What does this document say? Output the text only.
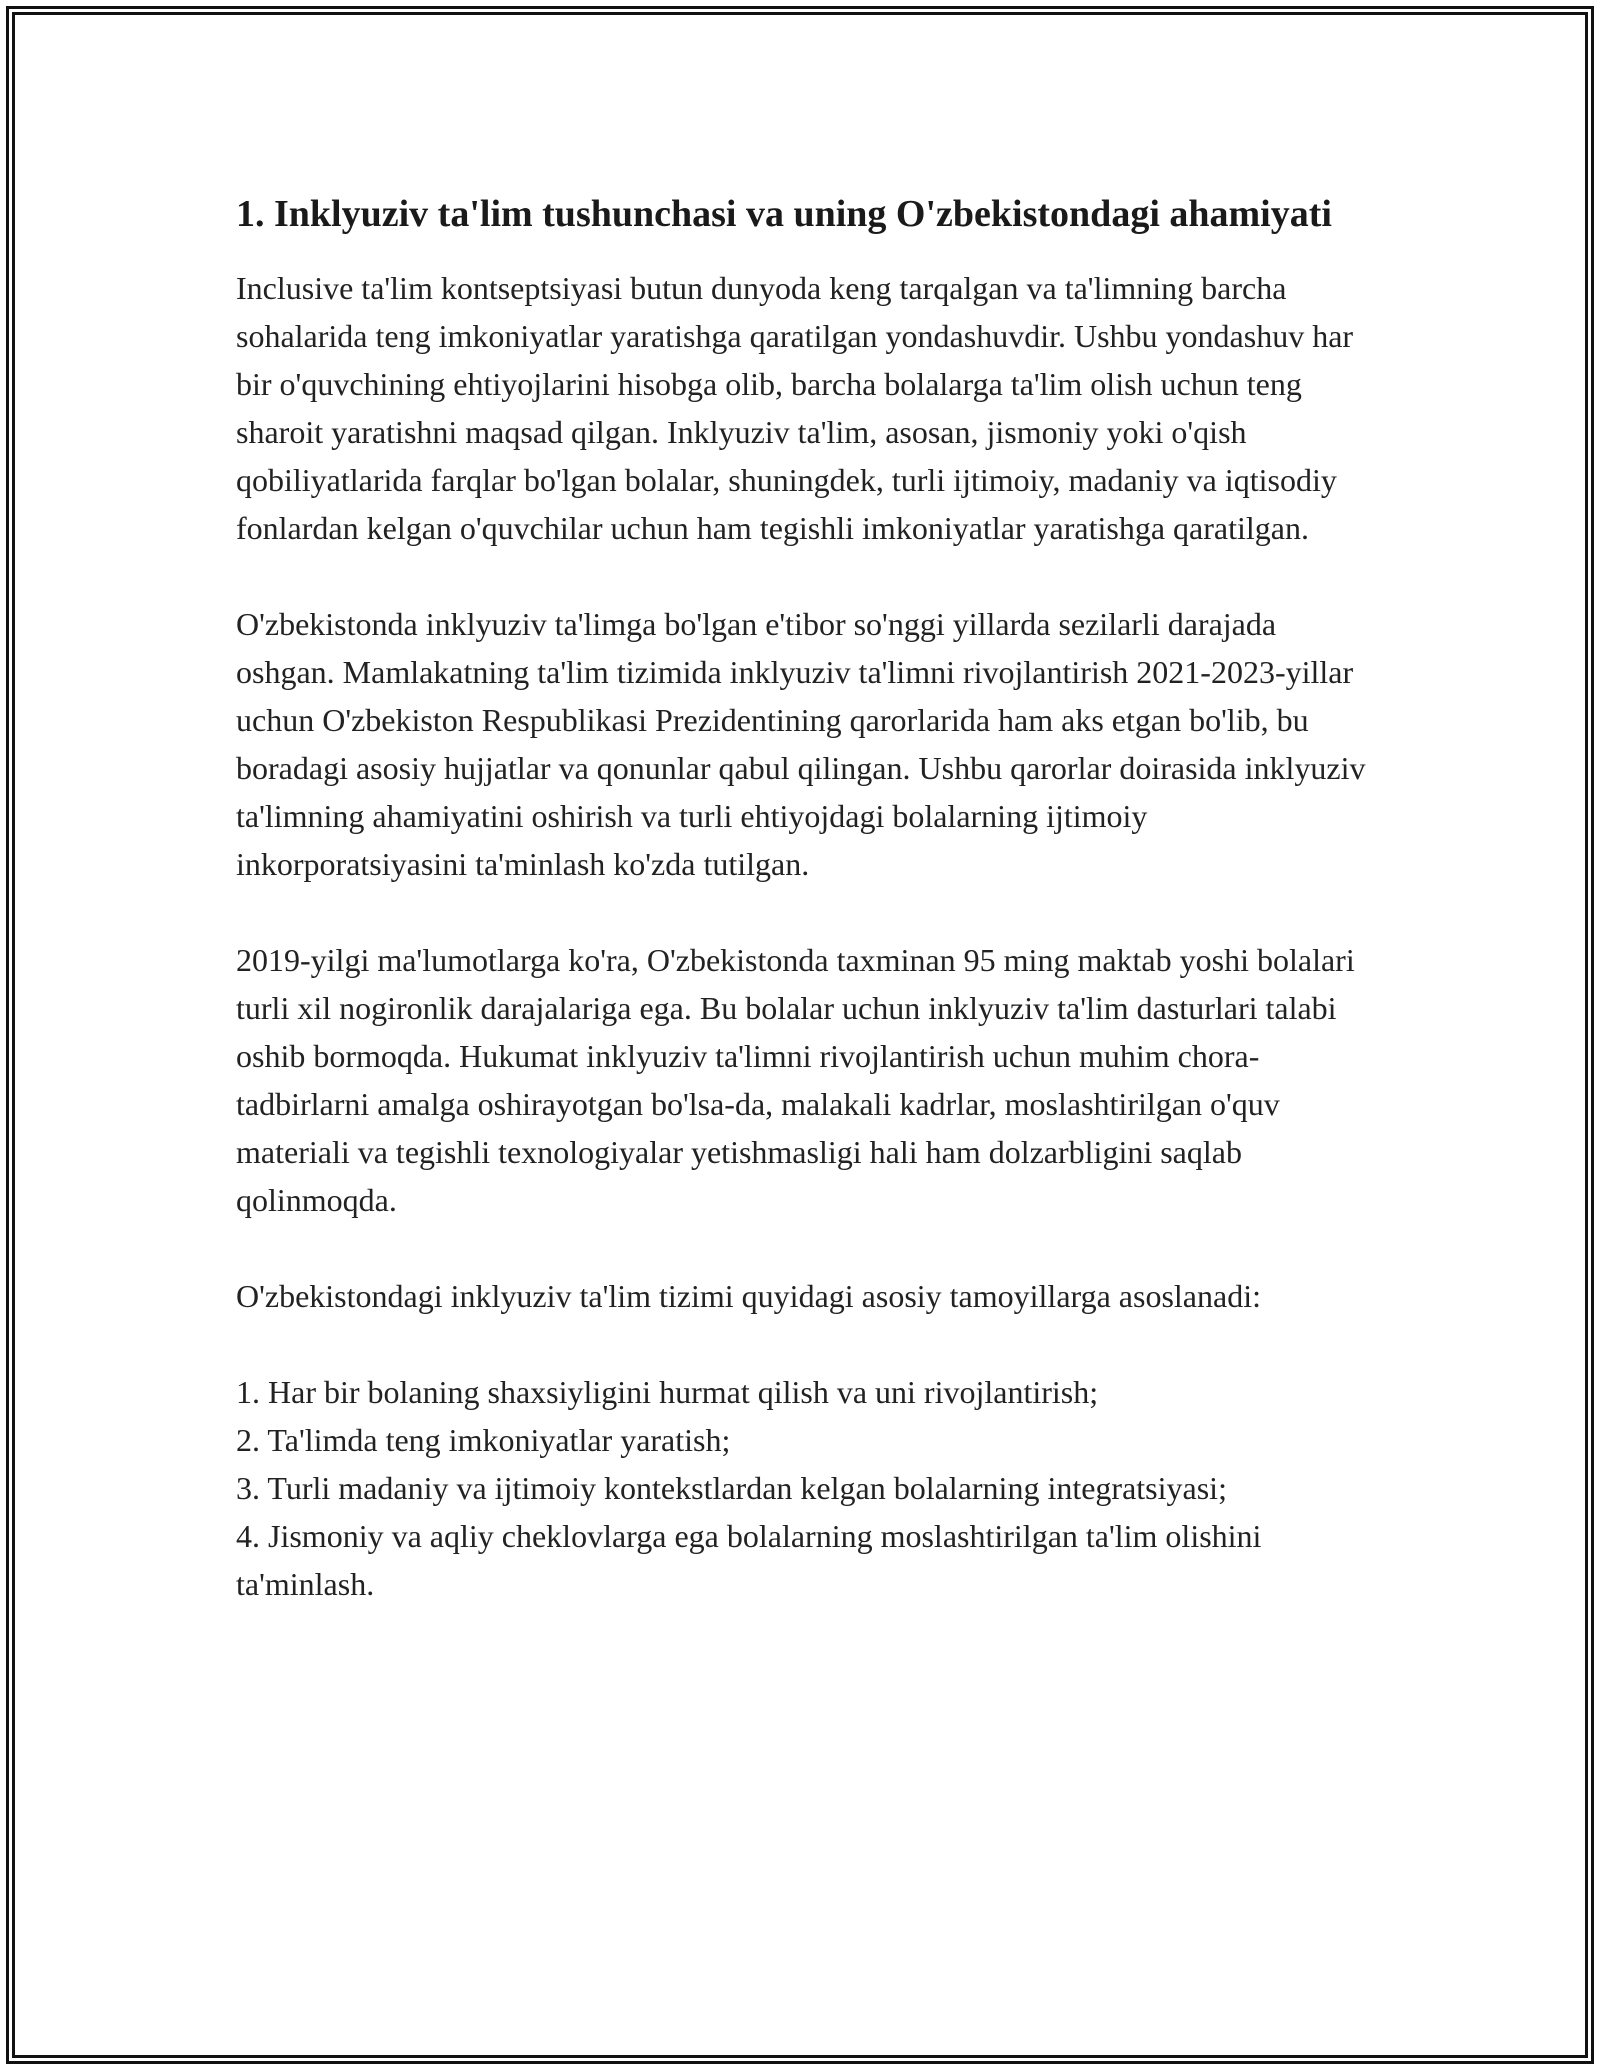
1. Inklyuziv ta'lim tushunchasi va uning O'zbekistondagi ahamiyati

Inclusive ta'lim kontseptsiyasi butun dunyoda keng tarqalgan va ta'limning barcha sohalarida teng imkoniyatlar yaratishga qaratilgan yondashuvdir. Ushbu yondashuv har bir o'quvchining ehtiyojlarini hisobga olib, barcha bolalarga ta'lim olish uchun teng sharoit yaratishni maqsad qilgan. Inklyuziv ta'lim, asosan, jismoniy yoki o'qish qobiliyatlarida farqlar bo'lgan bolalar, shuningdek, turli ijtimoiy, madaniy va iqtisodiy fonlardan kelgan o'quvchilar uchun ham tegishli imkoniyatlar yaratishga qaratilgan.

O'zbekistonda inklyuziv ta'limga bo'lgan e'tibor so'nggi yillarda sezilarli darajada oshgan. Mamlakatning ta'lim tizimida inklyuziv ta'limni rivojlantirish 2021-2023-yillar uchun O'zbekiston Respublikasi Prezidentining qarorlarida ham aks etgan bo'lib, bu boradagi asosiy hujjatlar va qonunlar qabul qilingan. Ushbu qarorlar doirasida inklyuziv ta'limning ahamiyatini oshirish va turli ehtiyojdagi bolalarning ijtimoiy inkorporatsiyasini ta'minlash ko'zda tutilgan.

2019-yilgi ma'lumotlarga ko'ra, O'zbekistonda taxminan 95 ming maktab yoshi bolalari turli xil nogironlik darajalariga ega. Bu bolalar uchun inklyuziv ta'lim dasturlari talabi oshib bormoqda. Hukumat inklyuziv ta'limni rivojlantirish uchun muhim chora-tadbirlarni amalga oshirayotgan bo'lsa-da, malakali kadrlar, moslashtirilgan o'quv materiali va tegishli texnologiyalar yetishmasligi hali ham dolzarbligini saqlab qolinmoqda.

O'zbekistondagi inklyuziv ta'lim tizimi quyidagi asosiy tamoyillarga asoslanadi:

1. Har bir bolaning shaxsiyligini hurmat qilish va uni rivojlantirish;
2. Ta'limda teng imkoniyatlar yaratish;
3. Turli madaniy va ijtimoiy kontekstlardan kelgan bolalarning integratsiyasi;
4. Jismoniy va aqliy cheklovlarga ega bolalarning moslashtirilgan ta'lim olishini ta'minlash.
